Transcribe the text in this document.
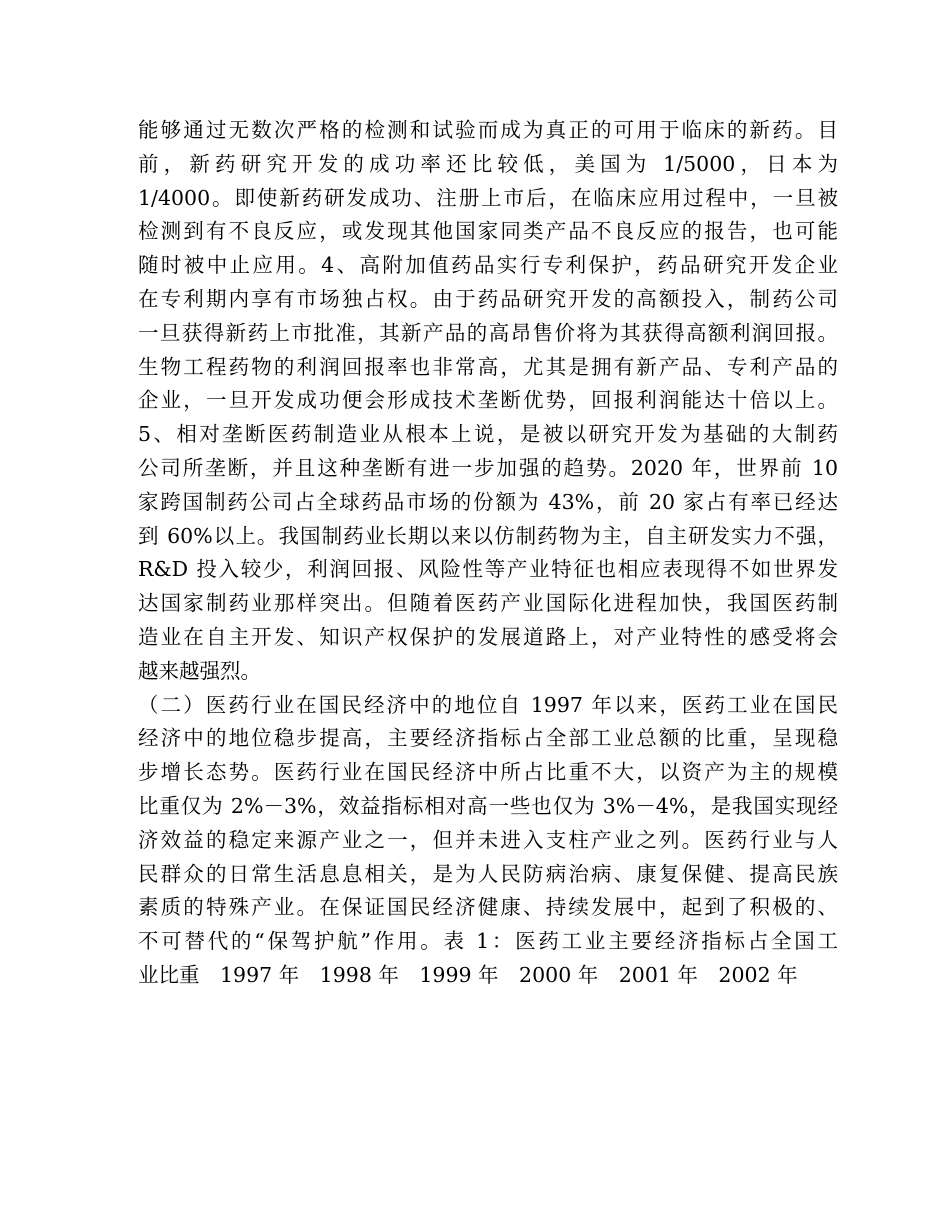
能够通过无数次严格的检测和试验而成为真正的可用于临床的新药。目
前，新药研究开发的成功率还比较低，美国为 1/5000，日本为
1/4000。即使新药研发成功、注册上市后，在临床应用过程中，一旦被
检测到有不良反应，或发现其他国家同类产品不良反应的报告，也可能
随时被中止应用。4、高附加值药品实行专利保护，药品研究开发企业
在专利期内享有市场独占权。由于药品研究开发的高额投入，制药公司
一旦获得新药上市批准，其新产品的高昂售价将为其获得高额利润回报。
生物工程药物的利润回报率也非常高，尤其是拥有新产品、专利产品的
企业，一旦开发成功便会形成技术垄断优势，回报利润能达十倍以上。
5、相对垄断医药制造业从根本上说，是被以研究开发为基础的大制药
公司所垄断，并且这种垄断有进一步加强的趋势。2020 年，世界前 10
家跨国制药公司占全球药品市场的份额为 43%，前 20 家占有率已经达
到 60%以上。我国制药业长期以来以仿制药物为主，自主研发实力不强，
R&D 投入较少，利润回报、风险性等产业特征也相应表现得不如世界发
达国家制药业那样突出。但随着医药产业国际化进程加快，我国医药制
造业在自主开发、知识产权保护的发展道路上，对产业特性的感受将会
越来越强烈。
（二）医药行业在国民经济中的地位自 1997 年以来，医药工业在国民
经济中的地位稳步提高，主要经济指标占全部工业总额的比重，呈现稳
步增长态势。医药行业在国民经济中所占比重不大，以资产为主的规模
比重仅为 2%－3%，效益指标相对高一些也仅为 3%－4%，是我国实现经
济效益的稳定来源产业之一，但并未进入支柱产业之列。医药行业与人
民群众的日常生活息息相关，是为人民防病治病、康复保健、提高民族
素质的特殊产业。在保证国民经济健康、持续发展中，起到了积极的、
不可替代的“保驾护航”作用。表 1：医药工业主要经济指标占全国工
业比重　1997 年　1998 年　1999 年　2000 年　2001 年　2002 年
